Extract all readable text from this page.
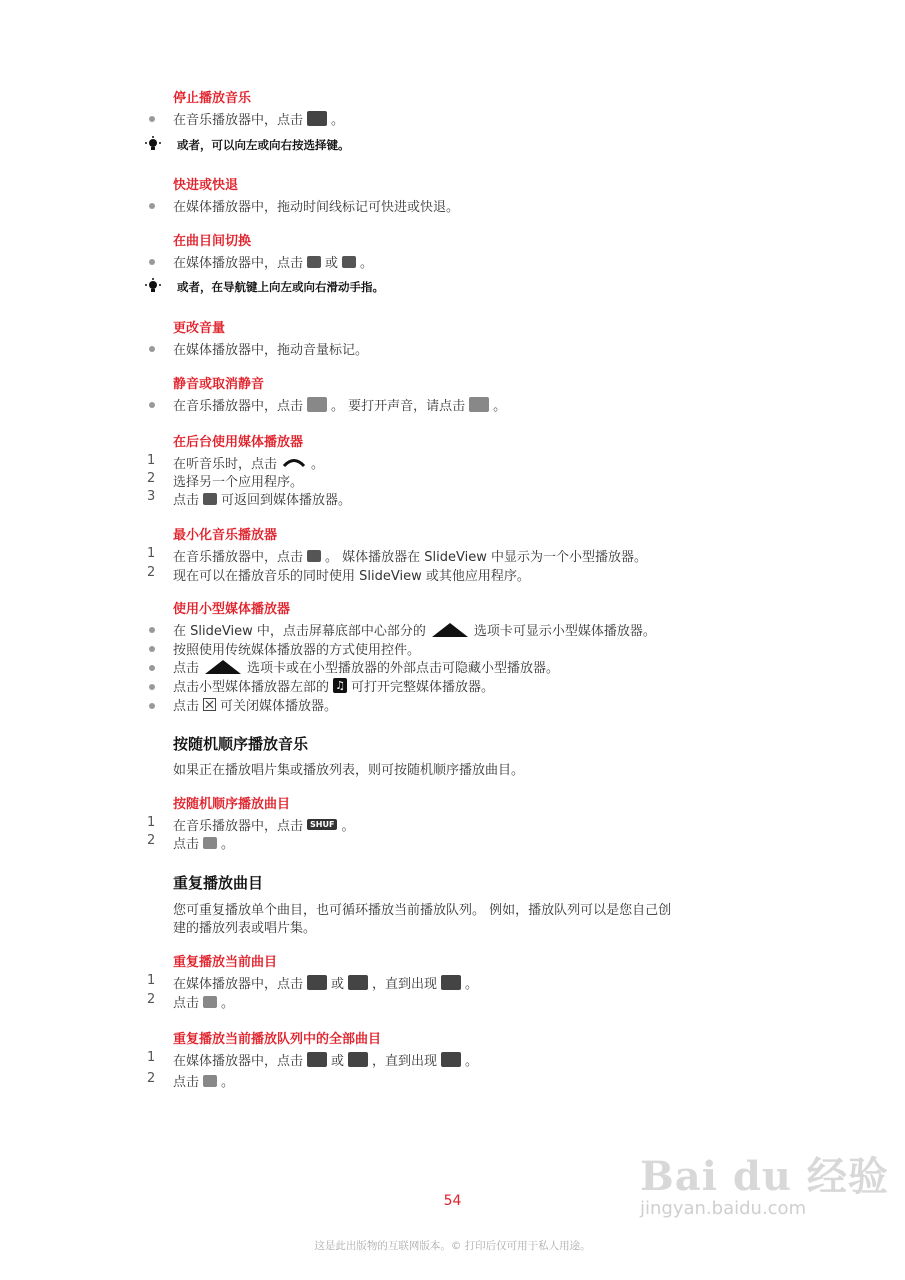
停止播放音乐
在音乐播放器中，点击 。
或者，可以向左或向右按选择键。
快进或快退
在媒体播放器中，拖动时间线标记可快进或快退。
在曲目间切换
在媒体播放器中，点击 或 。
或者，在导航键上向左或向右滑动手指。
更改音量
在媒体播放器中，拖动音量标记。
静音或取消静音
在音乐播放器中，点击 。 要打开声音，请点击 。
在后台使用媒体播放器
1 在听音乐时，点击	。
2 选择另一个应用程序。
3 点击 可返回到媒体播放器。
最小化音乐播放器
1 在音乐播放器中，点击 。 媒体播放器在 SlideView 中显示为一个小型播放器。
2 现在可以在播放音乐的同时使用 SlideView 或其他应用程序。
使用小型媒体播放器
在 SlideView 中，点击屏幕底部中心部分的	选项卡可显示小型媒体播放器。
按照使用传统媒体播放器的方式使用控件。
点击	选项卡或在小型播放器的外部点击可隐藏小型播放器。
点击小型媒体播放器左部的 ♫ 可打开完整媒体播放器。
点击 可关闭媒体播放器。
按随机顺序播放音乐
如果正在播放唱片集或播放列表，则可按随机顺序播放曲目。
按随机顺序播放曲目
1 在音乐播放器中，点击 SHUF 。
2 点击 。
重复播放曲目
您可重复播放单个曲目，也可循环播放当前播放队列。 例如，播放队列可以是您自己创
建的播放列表或唱片集。
重复播放当前曲目
1 在媒体播放器中，点击 或 ，直到出现 。
2 点击 。
重复播放当前播放队列中的全部曲目
1 在媒体播放器中，点击 或 ，直到出现 。
2 点击 。
Bai du 经验
jingyan.baidu.com
54
这是此出版物的互联网版本。© 打印后仅可用于私人用途。
